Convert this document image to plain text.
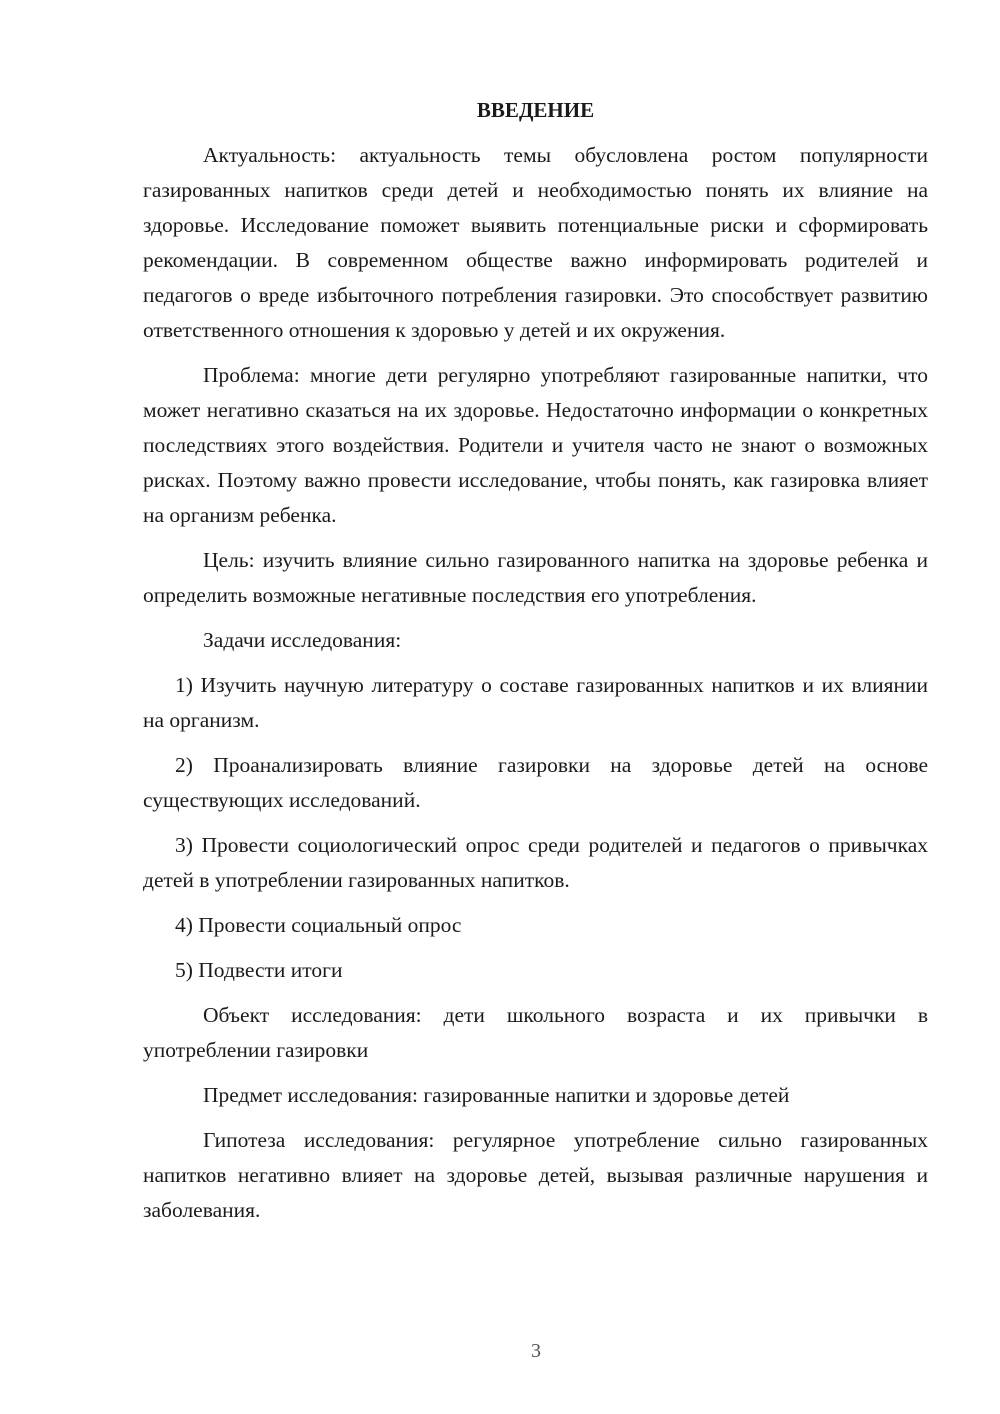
ВВЕДЕНИЕ

Актуальность: актуальность темы обусловлена ростом популярности газированных напитков среди детей и необходимостью понять их влияние на здоровье. Исследование поможет выявить потенциальные риски и сформировать рекомендации. В современном обществе важно информировать родителей и педагогов о вреде избыточного потребления газировки. Это способствует развитию ответственного отношения к здоровью у детей и их окружения.

Проблема: многие дети регулярно употребляют газированные напитки, что может негативно сказаться на их здоровье. Недостаточно информации о конкретных последствиях этого воздействия. Родители и учителя часто не знают о возможных рисках. Поэтому важно провести исследование, чтобы понять, как газировка влияет на организм ребенка.

Цель: изучить влияние сильно газированного напитка на здоровье ребенка и определить возможные негативные последствия его употребления.

Задачи исследования:

1) Изучить научную литературу о составе газированных напитков и их влиянии на организм.

2) Проанализировать влияние газировки на здоровье детей на основе существующих исследований.

3) Провести социологический опрос среди родителей и педагогов о привычках детей в употреблении газированных напитков.

4) Провести социальный опрос

5) Подвести итоги

Объект исследования: дети школьного возраста и их привычки в употреблении газировки

Предмет исследования: газированные напитки и здоровье детей

Гипотеза исследования: регулярное употребление сильно газированных напитков негативно влияет на здоровье детей, вызывая различные нарушения и заболевания.

3
